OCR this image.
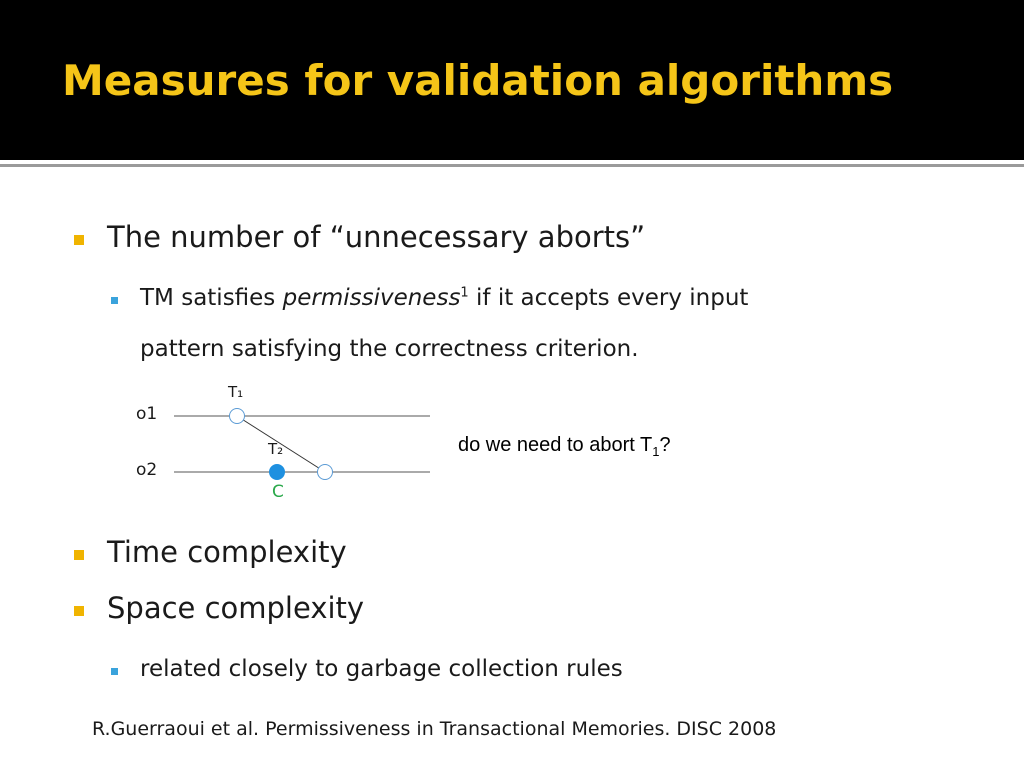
Measures for validation algorithms
The number of “unnecessary aborts”
TM satisfies permissiveness$^1$ if it accepts every input
pattern satisfying the correctness criterion.
o1
o2
T₁
T₂
C
do we need to abort $T_1$?
Time complexity
Space complexity
related closely to garbage collection rules
R.Guerraoui et al. Permissiveness in Transactional Memories. DISC 2008
